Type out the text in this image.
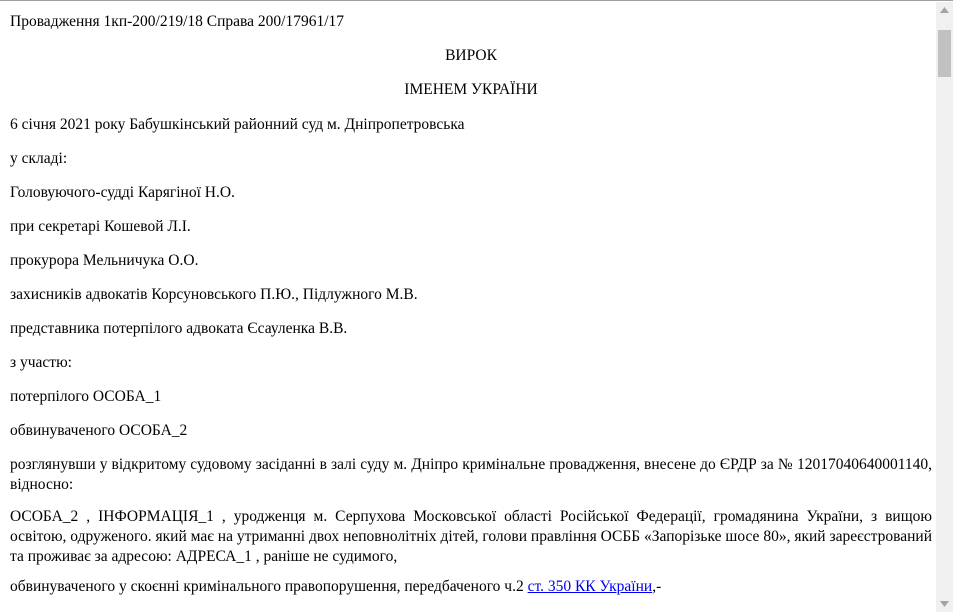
Провадження 1кп-200/219/18 Справа 200/17961/17

ВИРОК

ІМЕНЕМ УКРАЇНИ

6 січня 2021 року Бабушкінський районний суд м. Дніпропетровська

у складі:

Головуючого-судді Карягіної Н.О.

при секретарі Кошевой Л.І.

прокурора Мельничука О.О.

захисників адвокатів Корсуновського П.Ю., Підлужного М.В.

представника потерпілого адвоката Єсауленка В.В.

з участю:

потерпілого ОСОБА_1

обвинуваченого ОСОБА_2

розглянувши у відкритому судовому засіданні в залі суду м. Дніпро кримінальне провадження, внесене до ЄРДР за № 12017040640001140, відносно:

ОСОБА_2 , ІНФОРМАЦІЯ_1 , уродженця м. Серпухова Московської області Російської Федерації, громадянина України, з вищою освітою, одруженого. який має на утриманні двох неповнолітніх дітей, голови правління ОСББ «Запорізьке шосе 80», який зареєстрований та проживає за адресою: АДРЕСА_1 , раніше не судимого,

обвинуваченого у скоєнні кримінального правопорушення, передбаченого ч.2 ст. 350 КК України,-
